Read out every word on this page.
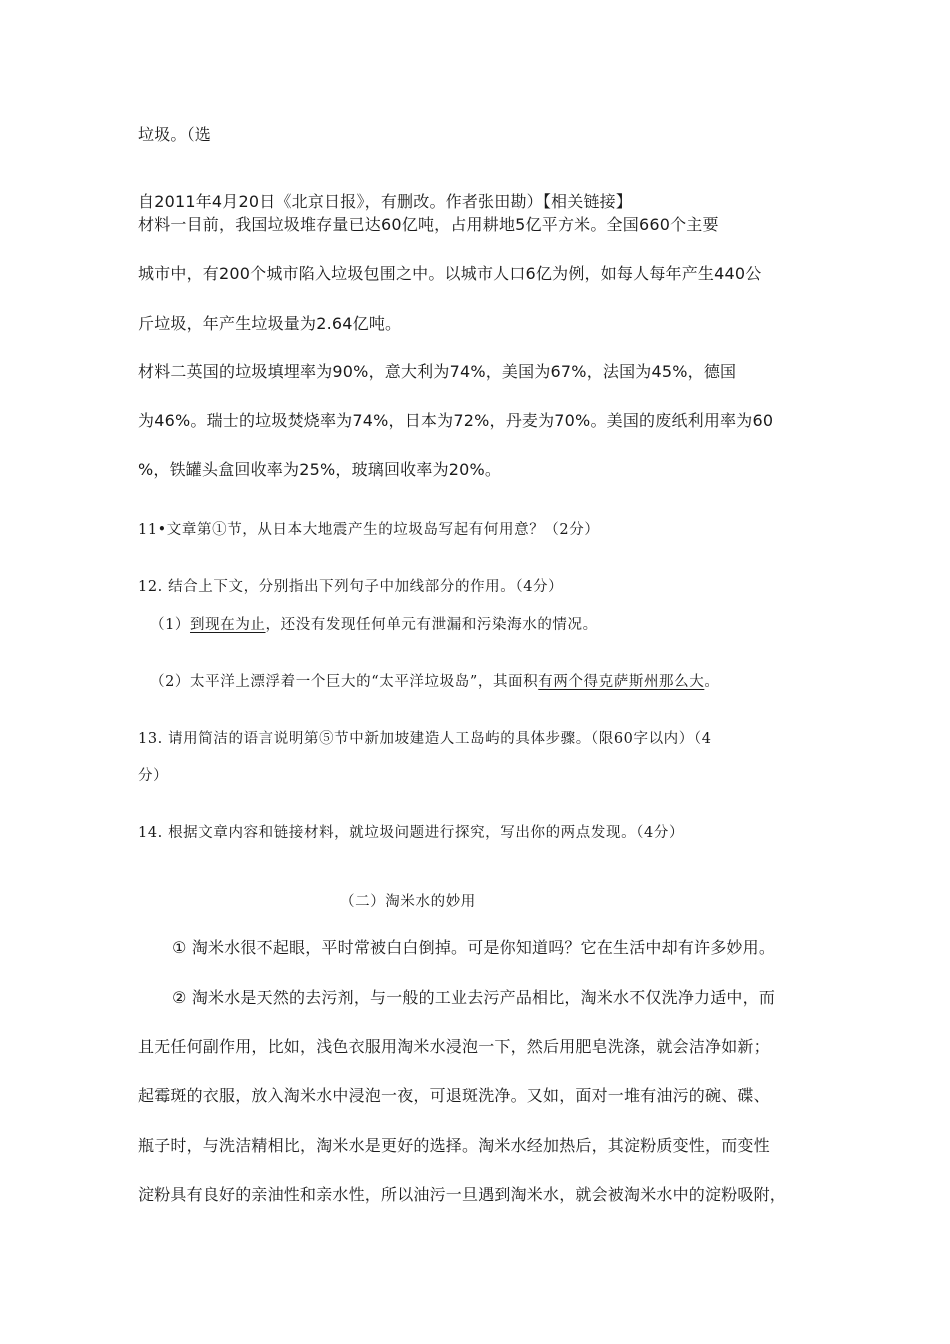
垃圾。（选

自2011年4月20日《北京日报》，有删改。作者张田勘）【相关链接】

材料一目前，我国垃圾堆存量已达60亿吨，占用耕地5亿平方米。全国660个主要

城市中，有200个城市陷入垃圾包围之中。以城市人口6亿为例，如每人每年产生440公

斤垃圾，年产生垃圾量为2.64亿吨。

材料二英国的垃圾填埋率为90%，意大利为74%，美国为67%，法国为45%，德国

为46%。瑞士的垃圾焚烧率为74%，日本为72%，丹麦为70%。美国的废纸利用率为60

%，铁罐头盒回收率为25%，玻璃回收率为20%。

11•文章第①节，从日本大地震产生的垃圾岛写起有何用意？（2分）

12. 结合上下文，分别指出下列句子中加线部分的作用。（4分）

（1）到现在为止，还没有发现任何单元有泄漏和污染海水的情况。

（2）太平洋上漂浮着一个巨大的“太平洋垃圾岛”，其面积有两个得克萨斯州那么大。

13. 请用简洁的语言说明第⑤节中新加坡建造人工岛屿的具体步骤。（限60字以内）（4

分）

14. 根据文章内容和链接材料，就垃圾问题进行探究，写出你的两点发现。（4分）

（二）淘米水的妙用

① 淘米水很不起眼，平时常被白白倒掉。可是你知道吗？它在生活中却有许多妙用。

② 淘米水是天然的去污剂，与一般的工业去污产品相比，淘米水不仅洗净力适中，而

且无任何副作用，比如，浅色衣服用淘米水浸泡一下，然后用肥皂洗涤，就会洁净如新；

起霉斑的衣服，放入淘米水中浸泡一夜，可退斑洗净。又如，面对一堆有油污的碗、碟、

瓶子时，与洗洁精相比，淘米水是更好的选择。淘米水经加热后，其淀粉质变性，而变性

淀粉具有良好的亲油性和亲水性，所以油污一旦遇到淘米水，就会被淘米水中的淀粉吸附，
